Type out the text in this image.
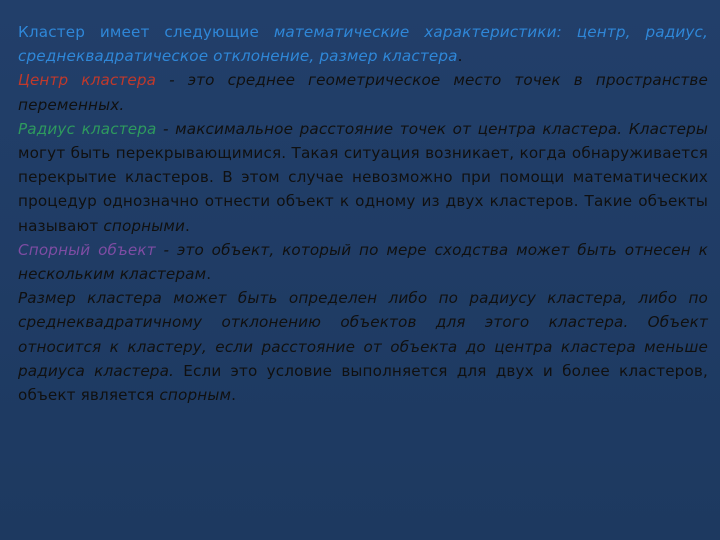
Кластер имеет следующие математические характеристики: центр, радиус, среднеквадратическое отклонение, размер кластера.

Центр кластера - это среднее геометрическое место точек в пространстве переменных.

Радиус кластера - максимальное расстояние точек от центра кластера. Кластеры могут быть перекрывающимися. Такая ситуация возникает, когда обнаруживается перекрытие кластеров. В этом случае невозможно при помощи математических процедур однозначно отнести объект к одному из двух кластеров. Такие объекты называют спорными.

Спорный объект - это объект, который по мере сходства может быть отнесен к нескольким кластерам.

Размер кластера может быть определен либо по радиусу кластера, либо по среднеквадратичному отклонению объектов для этого кластера. Объект относится к кластеру, если расстояние от объекта до центра кластера меньше радиуса кластера. Если это условие выполняется для двух и более кластеров, объект является спорным.
